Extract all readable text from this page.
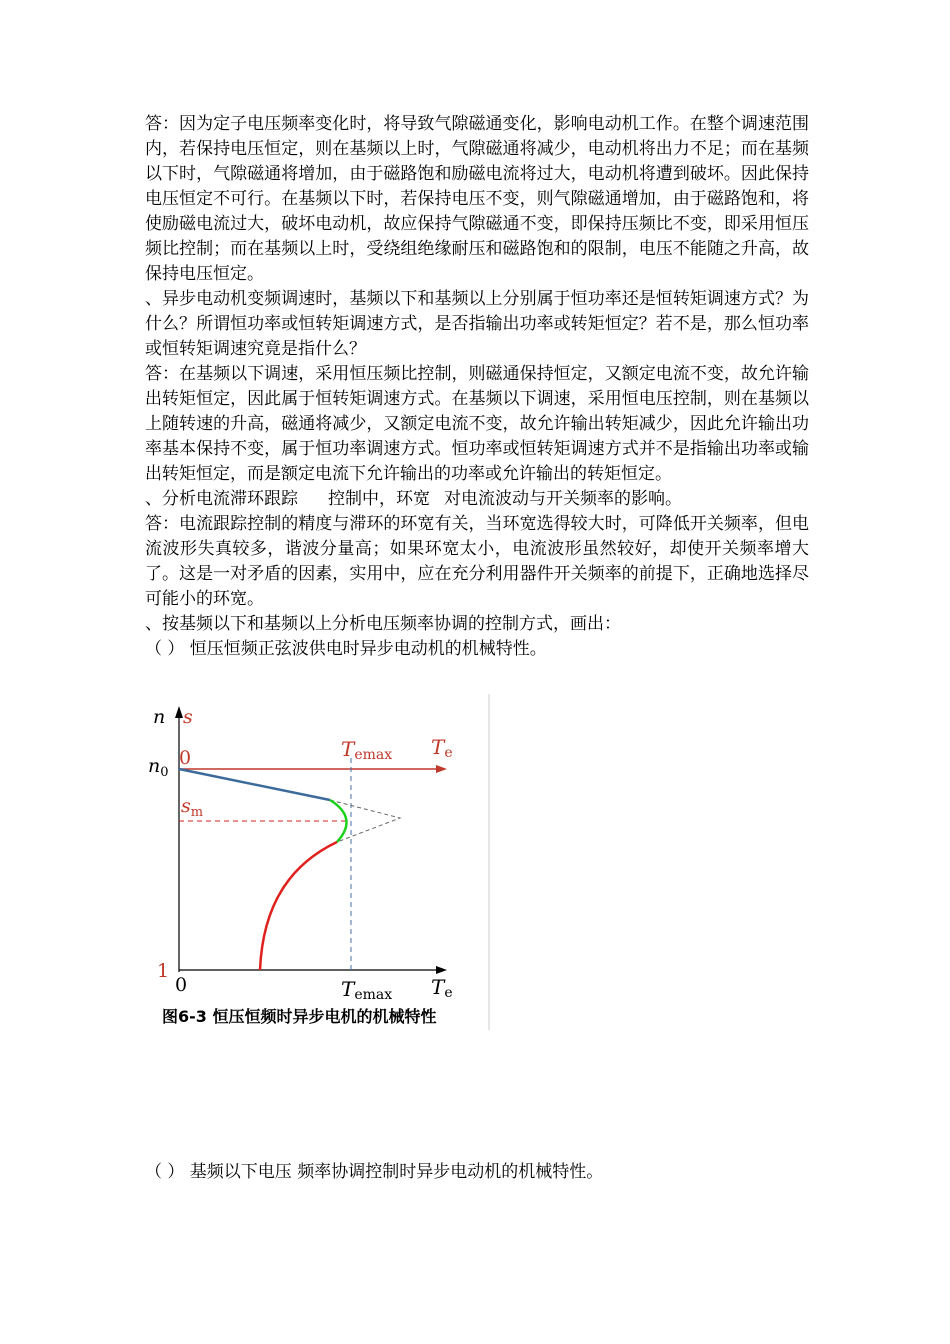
答：因为定子电压频率变化时，将导致气隙磁通变化，影响电动机工作。在整个调速范围内，若保持电压恒定，则在基频以上时，气隙磁通将减少，电动机将出力不足；而在基频以下时，气隙磁通将增加，由于磁路饱和励磁电流将过大，电动机将遭到破坏。因此保持电压恒定不可行。在基频以下时，若保持电压不变，则气隙磁通增加，由于磁路饱和，将使励磁电流过大，破坏电动机，故应保持气隙磁通不变，即保持压频比不变，即采用恒压频比控制；而在基频以上时，受绕组绝缘耐压和磁路饱和的限制，电压不能随之升高，故保持电压恒定。

、异步电动机变频调速时，基频以下和基频以上分别属于恒功率还是恒转矩调速方式？为什么？所谓恒功率或恒转矩调速方式，是否指输出功率或转矩恒定？若不是，那么恒功率或恒转矩调速究竟是指什么？

答：在基频以下调速，采用恒压频比控制，则磁通保持恒定，又额定电流不变，故允许输出转矩恒定，因此属于恒转矩调速方式。在基频以下调速，采用恒电压控制，则在基频以上随转速的升高，磁通将减少，又额定电流不变，故允许输出转矩减少，因此允许输出功率基本保持不变，属于恒功率调速方式。恒功率或恒转矩调速方式并不是指输出功率或输出转矩恒定，而是额定电流下允许输出的功率或允许输出的转矩恒定。

、分析电流滞环跟踪 控制中，环宽 对电流波动与开关频率的影响。

答：电流跟踪控制的精度与滞环的环宽有关，当环宽选得较大时，可降低开关频率，但电流波形失真较多，谐波分量高；如果环宽太小，电流波形虽然较好，却使开关频率增大了。这是一对矛盾的因素，实用中，应在充分利用器件开关频率的前提下，正确地选择尽可能小的环宽。

、按基频以下和基频以上分析电压频率协调的控制方式，画出：

（ ） 恒压恒频正弦波供电时异步电动机的机械特性。

n s
$n_0$
0	Temax Te
$s_m$
1
0	Temax Te
图6-3 恒压恒频时异步电机的机械特性
（ ） 基频以下电压 频率协调控制时异步电动机的机械特性。
